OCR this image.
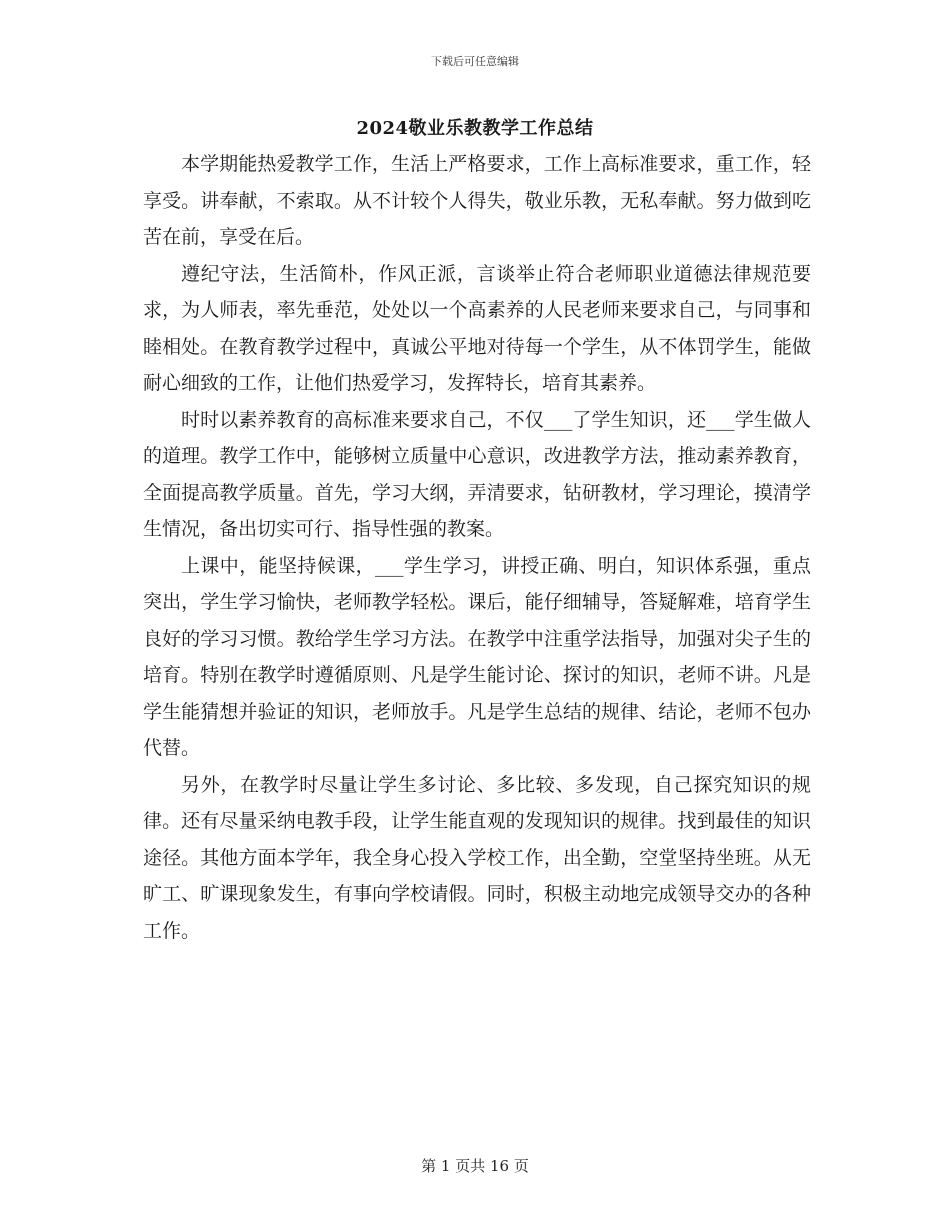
下载后可任意编辑
2024敬业乐教教学工作总结

本学期能热爱教学工作，生活上严格要求，工作上高标准要求，重工作，轻享受。讲奉献，不索取。从不计较个人得失，敬业乐教，无私奉献。努力做到吃苦在前，享受在后。

遵纪守法，生活简朴，作风正派，言谈举止符合老师职业道德法律规范要求，为人师表，率先垂范，处处以一个高素养的人民老师来要求自己，与同事和睦相处。在教育教学过程中，真诚公平地对待每一个学生，从不体罚学生，能做耐心细致的工作，让他们热爱学习，发挥特长，培育其素养。

时时以素养教育的高标准来要求自己，不仅___了学生知识，还___学生做人的道理。教学工作中，能够树立质量中心意识，改进教学方法，推动素养教育，全面提高教学质量。首先，学习大纲，弄清要求，钻研教材，学习理论，摸清学生情况，备出切实可行、指导性强的教案。

上课中，能坚持候课，___学生学习，讲授正确、明白，知识体系强，重点突出，学生学习愉快，老师教学轻松。课后，能仔细辅导，答疑解难，培育学生良好的学习习惯。教给学生学习方法。在教学中注重学法指导，加强对尖子生的培育。特别在教学时遵循原则、凡是学生能讨论、探讨的知识，老师不讲。凡是学生能猜想并验证的知识，老师放手。凡是学生总结的规律、结论，老师不包办代替。

另外，在教学时尽量让学生多讨论、多比较、多发现，自己探究知识的规律。还有尽量采纳电教手段，让学生能直观的发现知识的规律。找到最佳的知识途径。其他方面本学年，我全身心投入学校工作，出全勤，空堂坚持坐班。从无旷工、旷课现象发生，有事向学校请假。同时，积极主动地完成领导交办的各种工作。

第 1 页共 16 页
